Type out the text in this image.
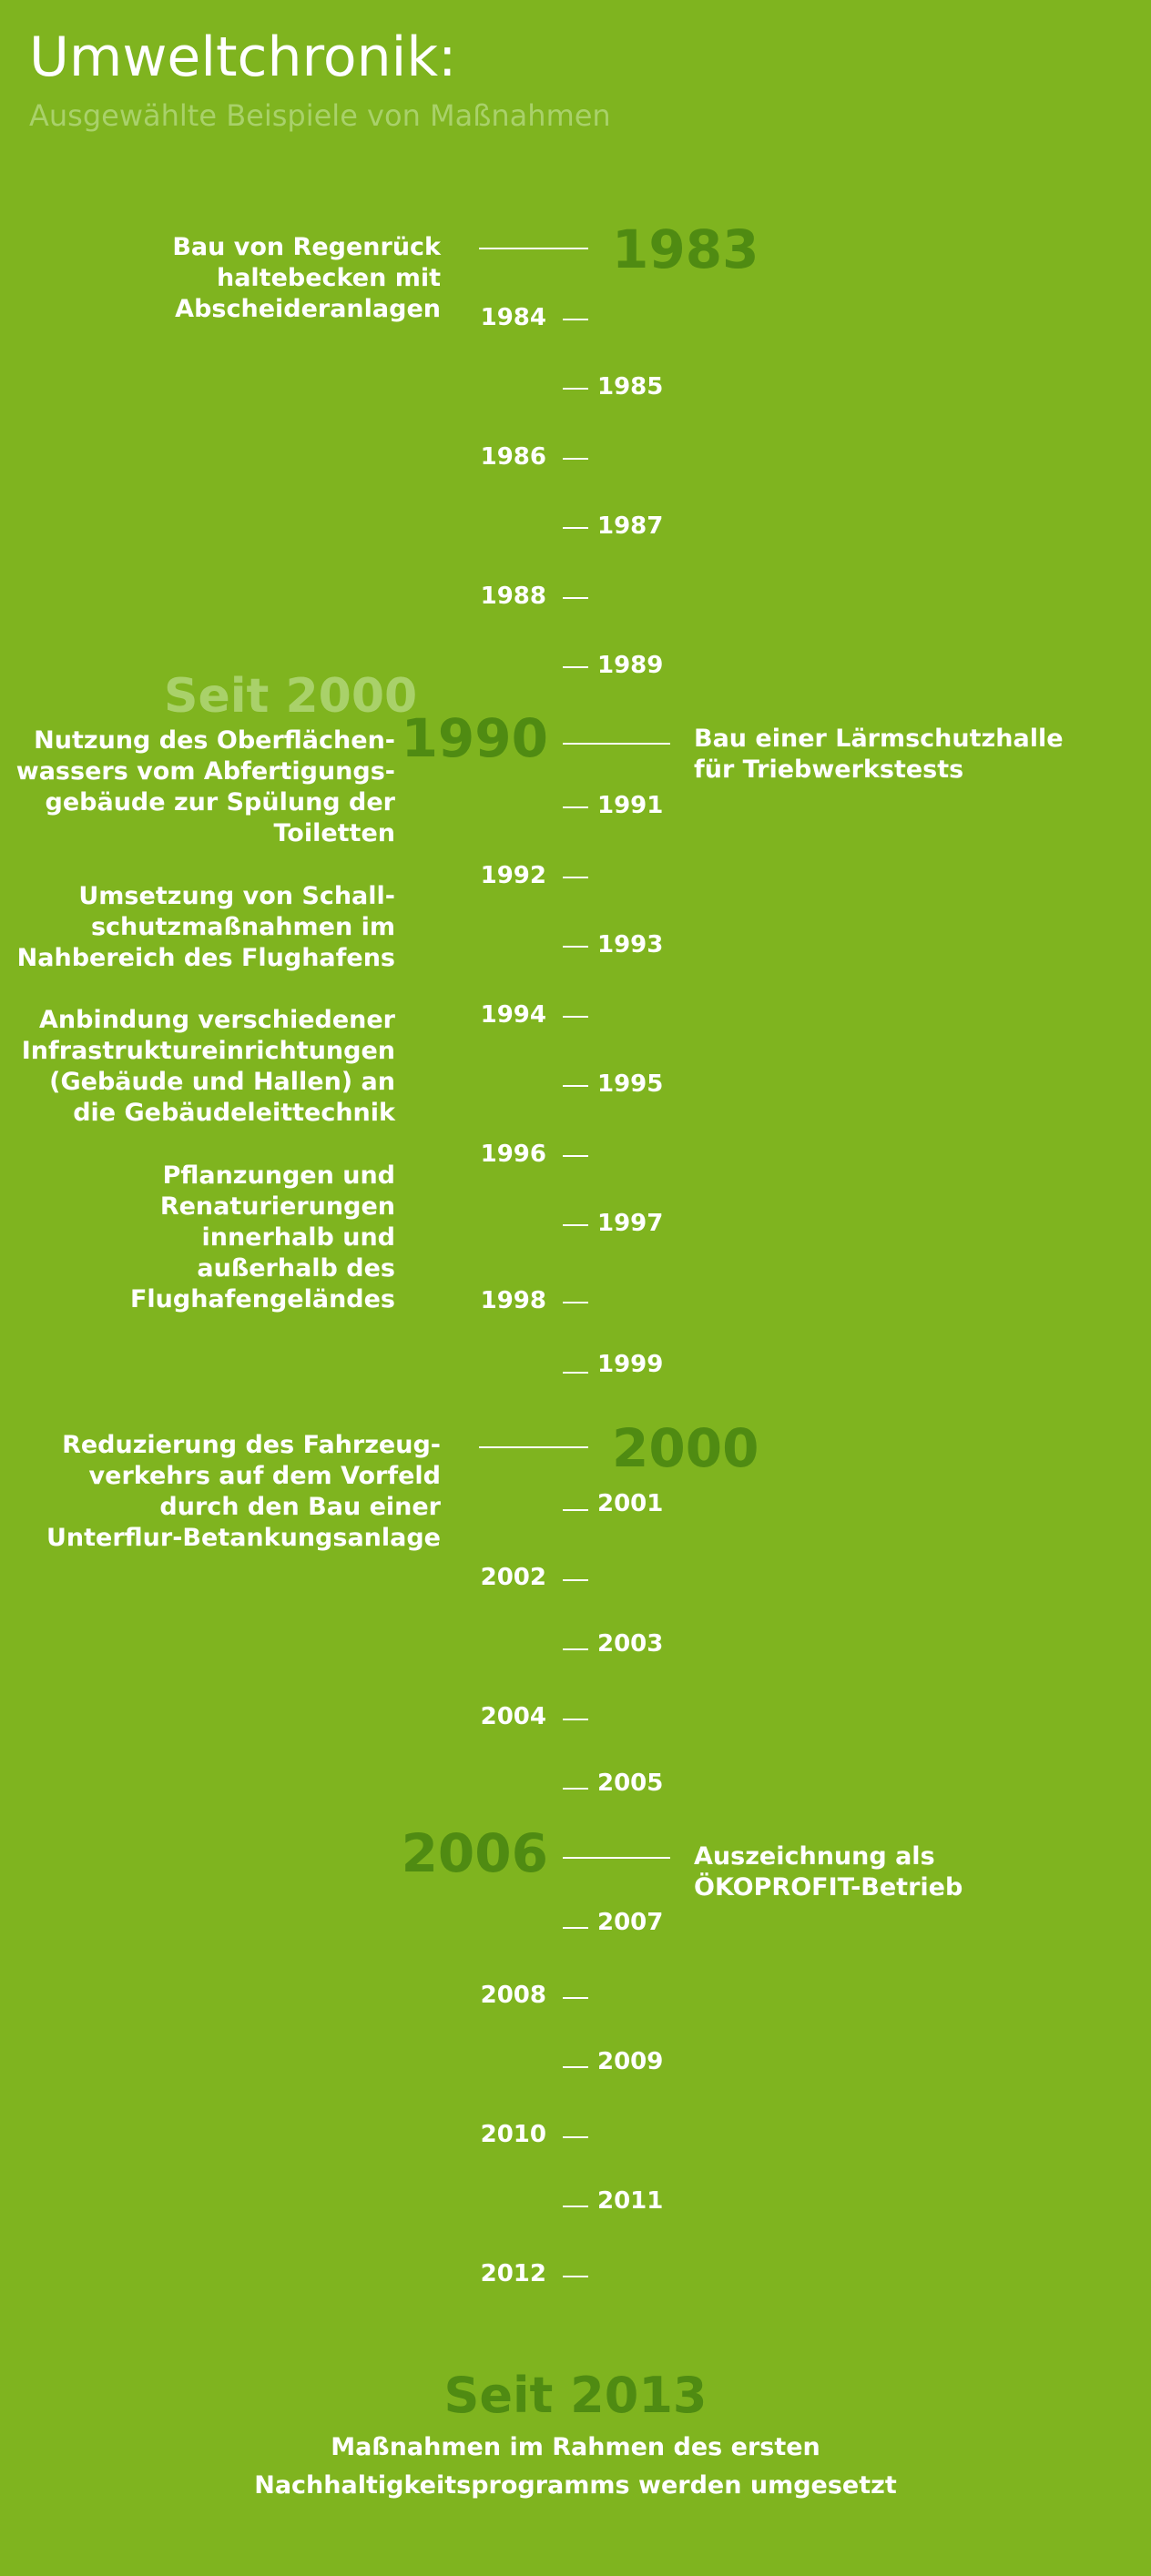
Umweltchronik:
Ausgewählte Beispiele von Maßnahmen
Bau von Regenrück
haltebecken mit
Abscheideranlagen
1983
1984
1985
1986
1987
1988
1989
Seit 2000
Nutzung des Oberflächen-
wassers vom Abfertigungs-
gebäude zur Spülung der
Toiletten
Umsetzung von Schall-
schutzmaßnahmen im
Nahbereich des Flughafens
Anbindung verschiedener
Infrastruktureinrichtungen
(Gebäude und Hallen) an
die Gebäudeleittechnik
Pflanzungen und
Renaturierungen
innerhalb und
außerhalb des
Flughafengeländes
1990	Bau einer Lärmschutzhalle
für Triebwerkstests
1991
1992
1993
1994
1995
1996
1997
1998
1999
Reduzierung des Fahrzeug-
verkehrs auf dem Vorfeld
durch den Bau einer
Unterflur-Betankungsanlage
2000
2001
2002
2003
2004
2005
2006	Auszeichnung als
ÖKOPROFIT-Betrieb
2007
2008
2009
2010
2011
2012
Seit 2013
Maßnahmen im Rahmen des ersten
Nachhaltigkeitsprogramms werden umgesetzt
